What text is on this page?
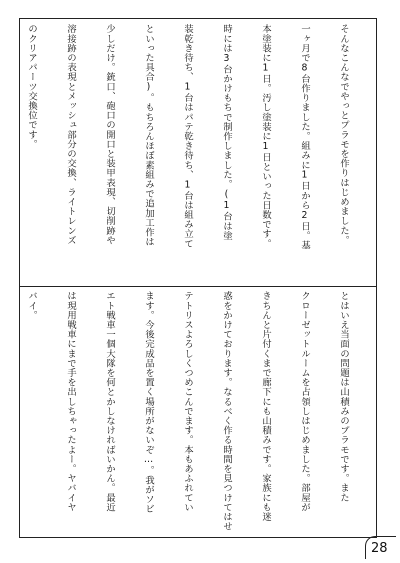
そんなこんなでやっとプラモを作りはじめました。

一ヶ月で8台作りました。組みに1日から2日。基

本塗装に1日。汚し塗装に1日といった日数です。

時には3台かけもちで制作しました。(1台は塗

装乾き待ち、1台はパテ乾き待ち、1台は組み立て

といった具合)。もちろんほぼ素組みで追加工作は

少しだけ。銃口、砲口の開口と装甲表現、切削跡や

溶接跡の表現とメッシュ部分の交換、ライトレンズ

のクリアパーツ交換位です。

とはいえ当面の問題は山積みのプラモです。また

クローゼットルームを占領しはじめました。部屋が

きちんと片付くまで廊下にも山積みです。家族にも迷

惑をかけております。なるべく作る時間を見つけてはせ

テトリスよろしくつめこんでます。本もあふれてい

ます。今後完成品を置く場所がないぞ…。我がソビ

エト戦車一個大隊を何とかしなければいかん。最近

は現用戦車にまで手を出しちゃったよー。ヤバイヤ

バイ。

28
